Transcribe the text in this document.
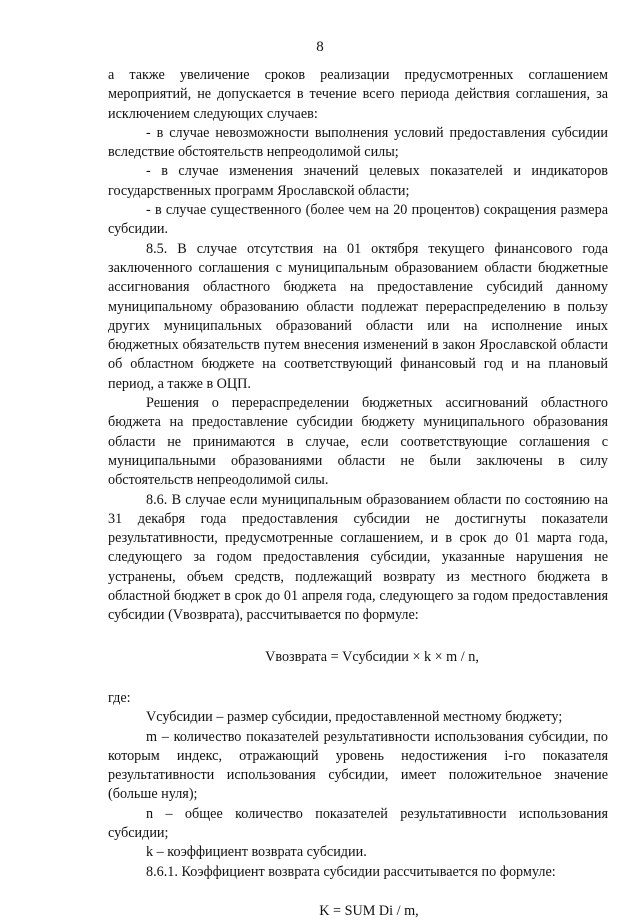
8

а также увеличение сроков реализации предусмотренных соглашением мероприятий, не допускается в течение всего периода действия соглашения, за исключением следующих случаев:

- в случае невозможности выполнения условий предоставления субсидии вследствие обстоятельств непреодолимой силы;

- в случае изменения значений целевых показателей и индикаторов государственных программ Ярославской области;

- в случае существенного (более чем на 20 процентов) сокращения размера субсидии.

8.5. В случае отсутствия на 01 октября текущего финансового года заключенного соглашения с муниципальным образованием области бюджетные ассигнования областного бюджета на предоставление субсидий данному муниципальному образованию области подлежат перераспределению в пользу других муниципальных образований области или на исполнение иных бюджетных обязательств путем внесения изменений в закон Ярославской области об областном бюджете на соответствующий финансовый год и на плановый период, а также в ОЦП.

Решения о перераспределении бюджетных ассигнований областного бюджета на предоставление субсидии бюджету муниципального образования области не принимаются в случае, если соответствующие соглашения с муниципальными образованиями области не были заключены в силу обстоятельств непреодолимой силы.

8.6. В случае если муниципальным образованием области по состоянию на 31 декабря года предоставления субсидии не достигнуты показатели результативности, предусмотренные соглашением, и в срок до 01 марта года, следующего за годом предоставления субсидии, указанные нарушения не устранены, объем средств, подлежащий возврату из местного бюджета в областной бюджет в срок до 01 апреля года, следующего за годом предоставления субсидии (Vвозврата), рассчитывается по формуле:

Vвозврата = Vсубсидии × k × m / n,

где:

Vсубсидии – размер субсидии, предоставленной местному бюджету;

m – количество показателей результативности использования субсидии, по которым индекс, отражающий уровень недостижения i-го показателя результативности использования субсидии, имеет положительное значение (больше нуля);

n – общее количество показателей результативности использования субсидии;

k – коэффициент возврата субсидии.

8.6.1. Коэффициент возврата субсидии рассчитывается по формуле:

K = SUM Di / m,
